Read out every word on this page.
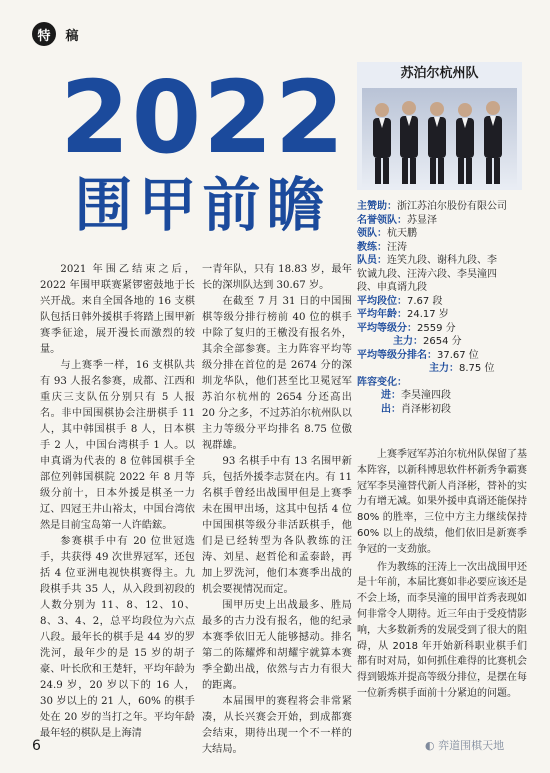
特	稿
2022
围甲前瞻

2021 年围乙结束之后，2022 年围甲联赛紧锣密鼓地于长兴开战。来自全国各地的 16 支棋队包括日韩外援棋手将踏上围甲新赛季征途，展开漫长而激烈的较量。

与上赛季一样，16 支棋队共有 93 人报名参赛，成都、江西和重庆三支队伍分别只有 5 人报名。非中国围棋协会注册棋手 11 人，其中韩国棋手 8 人，日本棋手 2 人，中国台湾棋手 1 人。以申真谞为代表的 8 位韩国棋手全部位列韩国棋院 2022 年 8 月等级分前十，日本外援是棋圣一力辽、四冠王井山裕太，中国台湾依然是目前宝岛第一人许皓鋐。

参赛棋手中有 20 位世冠选手，共获得 49 次世界冠军，还包括 4 位亚洲电视快棋赛得主。九段棋手共 35 人，从入段到初段的人数分别为 11、8、12、10、8、3、4、2，总平均段位为六点八段。最年长的棋手是 44 岁的罗洗河，最年少的是 15 岁的胡子豪、叶长欣和王楚轩，平均年龄为 24.9 岁，20 岁以下的 16 人，30 岁以上的 21 人，60% 的棋手处在 20 岁的当打之年。平均年龄最年轻的棋队是上海清

一青年队，只有 18.83 岁，最年长的深圳队达到 30.67 岁。

在截至 7 月 31 日的中国围棋等级分排行榜前 40 位的棋手中除了复归的王檄没有报名外，其余全部参赛。主力阵容平均等级分排在首位的是 2674 分的深圳龙华队，他们甚至比卫冕冠军苏泊尔杭州的 2654 分还高出 20 分之多，不过苏泊尔杭州队以主力等级分平均排名 8.75 位傲视群雄。

93 名棋手中有 13 名围甲新兵，包括外援李志贤在内。有 11 名棋手曾经出战围甲但是上赛季未在围甲出场，这其中包括 4 位中国围棋等级分非活跃棋手，他们是已经转型为各队教练的汪涛、刘星、赵哲伦和孟泰龄，再加上罗洗河，他们本赛季出战的机会要视情况而定。

围甲历史上出战最多、胜局最多的古力没有报名，他的纪录本赛季依旧无人能够撼动。排名第二的陈耀烨和胡耀宇就算本赛季全勤出战，依然与古力有很大的距离。

本届围甲的赛程将会非常紧凑，从长兴赛会开始，到成都赛会结束，期待出现一个不一样的大结局。

苏泊尔杭州队
主赞助：浙江苏泊尔股份有限公司
名誉领队：苏显泽
领队：杭天鹏
教练：汪涛
队员：连笑九段、谢科九段、李
钦诚九段、汪涛六段、李昊潼四
段、申真谞九段
平均段位：7.67 段
平均年龄：24.17 岁
平均等级分：2559 分
主力：2654 分
平均等级分排名：37.67 位
主力：8.75 位
阵容变化：
进：李昊潼四段
出：肖泽彬初段

上赛季冠军苏泊尔杭州队保留了基本阵容，以新科博思软件杯新秀争霸赛冠军李昊潼替代新人肖泽彬，替补的实力有增无减。如果外援申真谞还能保持 80% 的胜率，三位中方主力继续保持 60% 以上的战绩，他们依旧是新赛季争冠的一支劲旅。

作为教练的汪涛上一次出战围甲还是十年前，本届比赛如非必要应该还是不会上场，而李昊潼的围甲首秀表现如何非常令人期待。近三年由于受疫情影响，大多数新秀的发展受到了很大的阻碍，从 2018 年开始新科职业棋手们都有时对局，如何抓住难得的比赛机会得到锻炼并提高等级分排位，是摆在每一位新秀棋手面前十分紧迫的问题。

6	◐ 弈道围棋天地
